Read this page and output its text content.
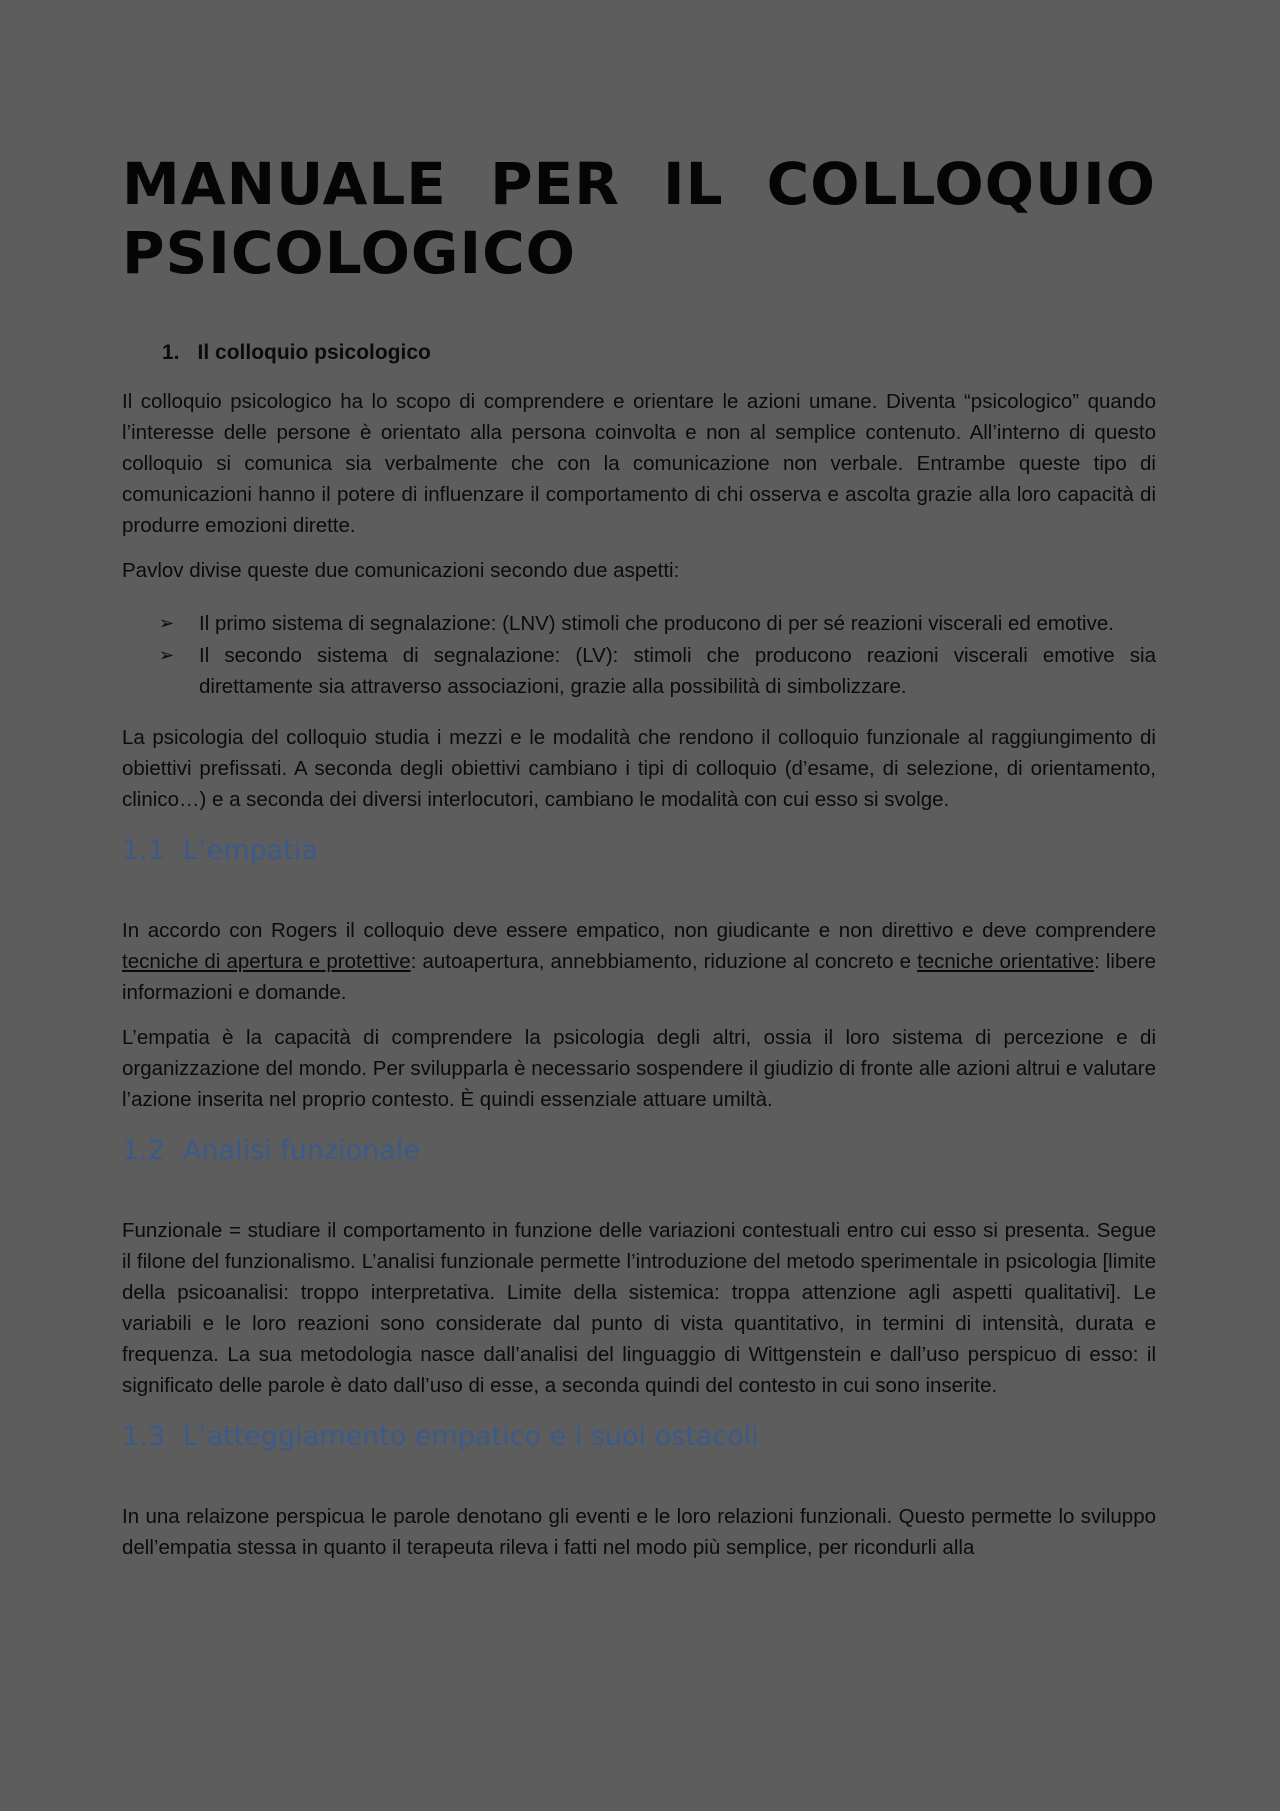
MANUALE PER IL COLLOQUIO
PSICOLOGICO
1. Il colloquio psicologico

Il colloquio psicologico ha lo scopo di comprendere e orientare le azioni umane. Diventa “psicologico” quando l’interesse delle persone è orientato alla persona coinvolta e non al semplice contenuto. All’interno di questo colloquio si comunica sia verbalmente che con la comunicazione non verbale. Entrambe queste tipo di comunicazioni hanno il potere di influenzare il comportamento di chi osserva e ascolta grazie alla loro capacità di produrre emozioni dirette.

Pavlov divise queste due comunicazioni secondo due aspetti:

➢ Il primo sistema di segnalazione: (LNV) stimoli che producono di per sé reazioni viscerali ed emotive.
➢ Il secondo sistema di segnalazione: (LV): stimoli che producono reazioni viscerali emotive sia direttamente sia attraverso associazioni, grazie alla possibilità di simbolizzare.

La psicologia del colloquio studia i mezzi e le modalità che rendono il colloquio funzionale al raggiungimento di obiettivi prefissati. A seconda degli obiettivi cambiano i tipi di colloquio (d’esame, di selezione, di orientamento, clinico…) e a seconda dei diversi interlocutori, cambiano le modalità con cui esso si svolge.

1.1 L’empatia

In accordo con Rogers il colloquio deve essere empatico, non giudicante e non direttivo e deve comprendere tecniche di apertura e protettive: autoapertura, annebbiamento, riduzione al concreto e tecniche orientative: libere informazioni e domande.

L’empatia è la capacità di comprendere la psicologia degli altri, ossia il loro sistema di percezione e di organizzazione del mondo. Per svilupparla è necessario sospendere il giudizio di fronte alle azioni altrui e valutare l’azione inserita nel proprio contesto. È quindi essenziale attuare umiltà.

1.2 Analisi funzionale

Funzionale = studiare il comportamento in funzione delle variazioni contestuali entro cui esso si presenta. Segue il filone del funzionalismo. L’analisi funzionale permette l’introduzione del metodo sperimentale in psicologia [limite della psicoanalisi: troppo interpretativa. Limite della sistemica: troppa attenzione agli aspetti qualitativi]. Le variabili e le loro reazioni sono considerate dal punto di vista quantitativo, in termini di intensità, durata e frequenza. La sua metodologia nasce dall’analisi del linguaggio di Wittgenstein e dall’uso perspicuo di esso: il significato delle parole è dato dall’uso di esse, a seconda quindi del contesto in cui sono inserite.

1.3 L’atteggiamento empatico e i suoi ostacoli

In una relaizone perspicua le parole denotano gli eventi e le loro relazioni funzionali. Questo permette lo sviluppo dell’empatia stessa in quanto il terapeuta rileva i fatti nel modo più semplice, per ricondurli alla
